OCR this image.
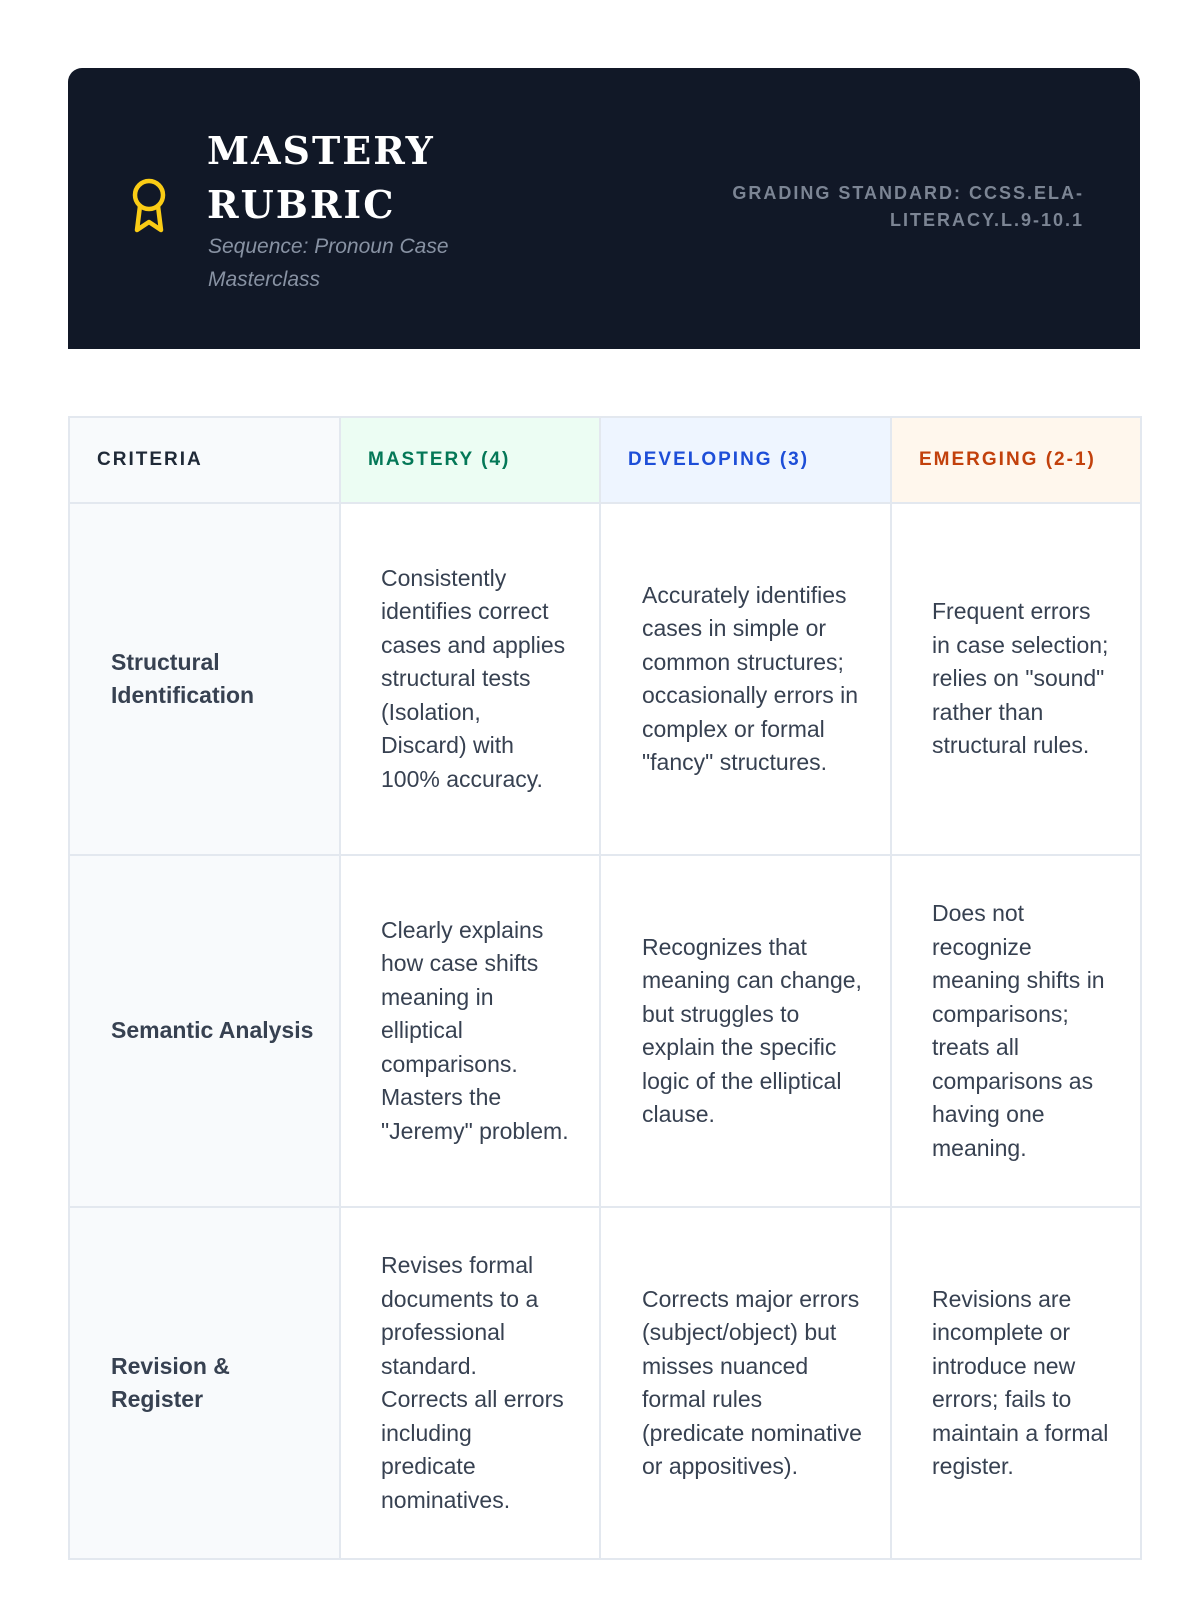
MASTERY RUBRIC
Sequence: Pronoun Case Masterclass
GRADING STANDARD: CCSS.ELA-LITERACY.L.9-10.1
CRITERIA	MASTERY (4)	DEVELOPING (3)	EMERGING (2-1)
Structural Identification	Consistently identifies correct cases and applies structural tests (Isolation, Discard) with 100% accuracy.	Accurately identifies cases in simple or common structures; occasionally errors in complex or formal "fancy" structures.	Frequent errors in case selection; relies on "sound" rather than structural rules.
Semantic Analysis	Clearly explains how case shifts meaning in elliptical comparisons. Masters the "Jeremy" problem.	Recognizes that meaning can change, but struggles to explain the specific logic of the elliptical clause.	Does not recognize meaning shifts in comparisons; treats all comparisons as having one meaning.
Revision & Register	Revises formal documents to a professional standard. Corrects all errors including predicate nominatives.	Corrects major errors (subject/object) but misses nuanced formal rules (predicate nominative or appositives).	Revisions are incomplete or introduce new errors; fails to maintain a formal register.
